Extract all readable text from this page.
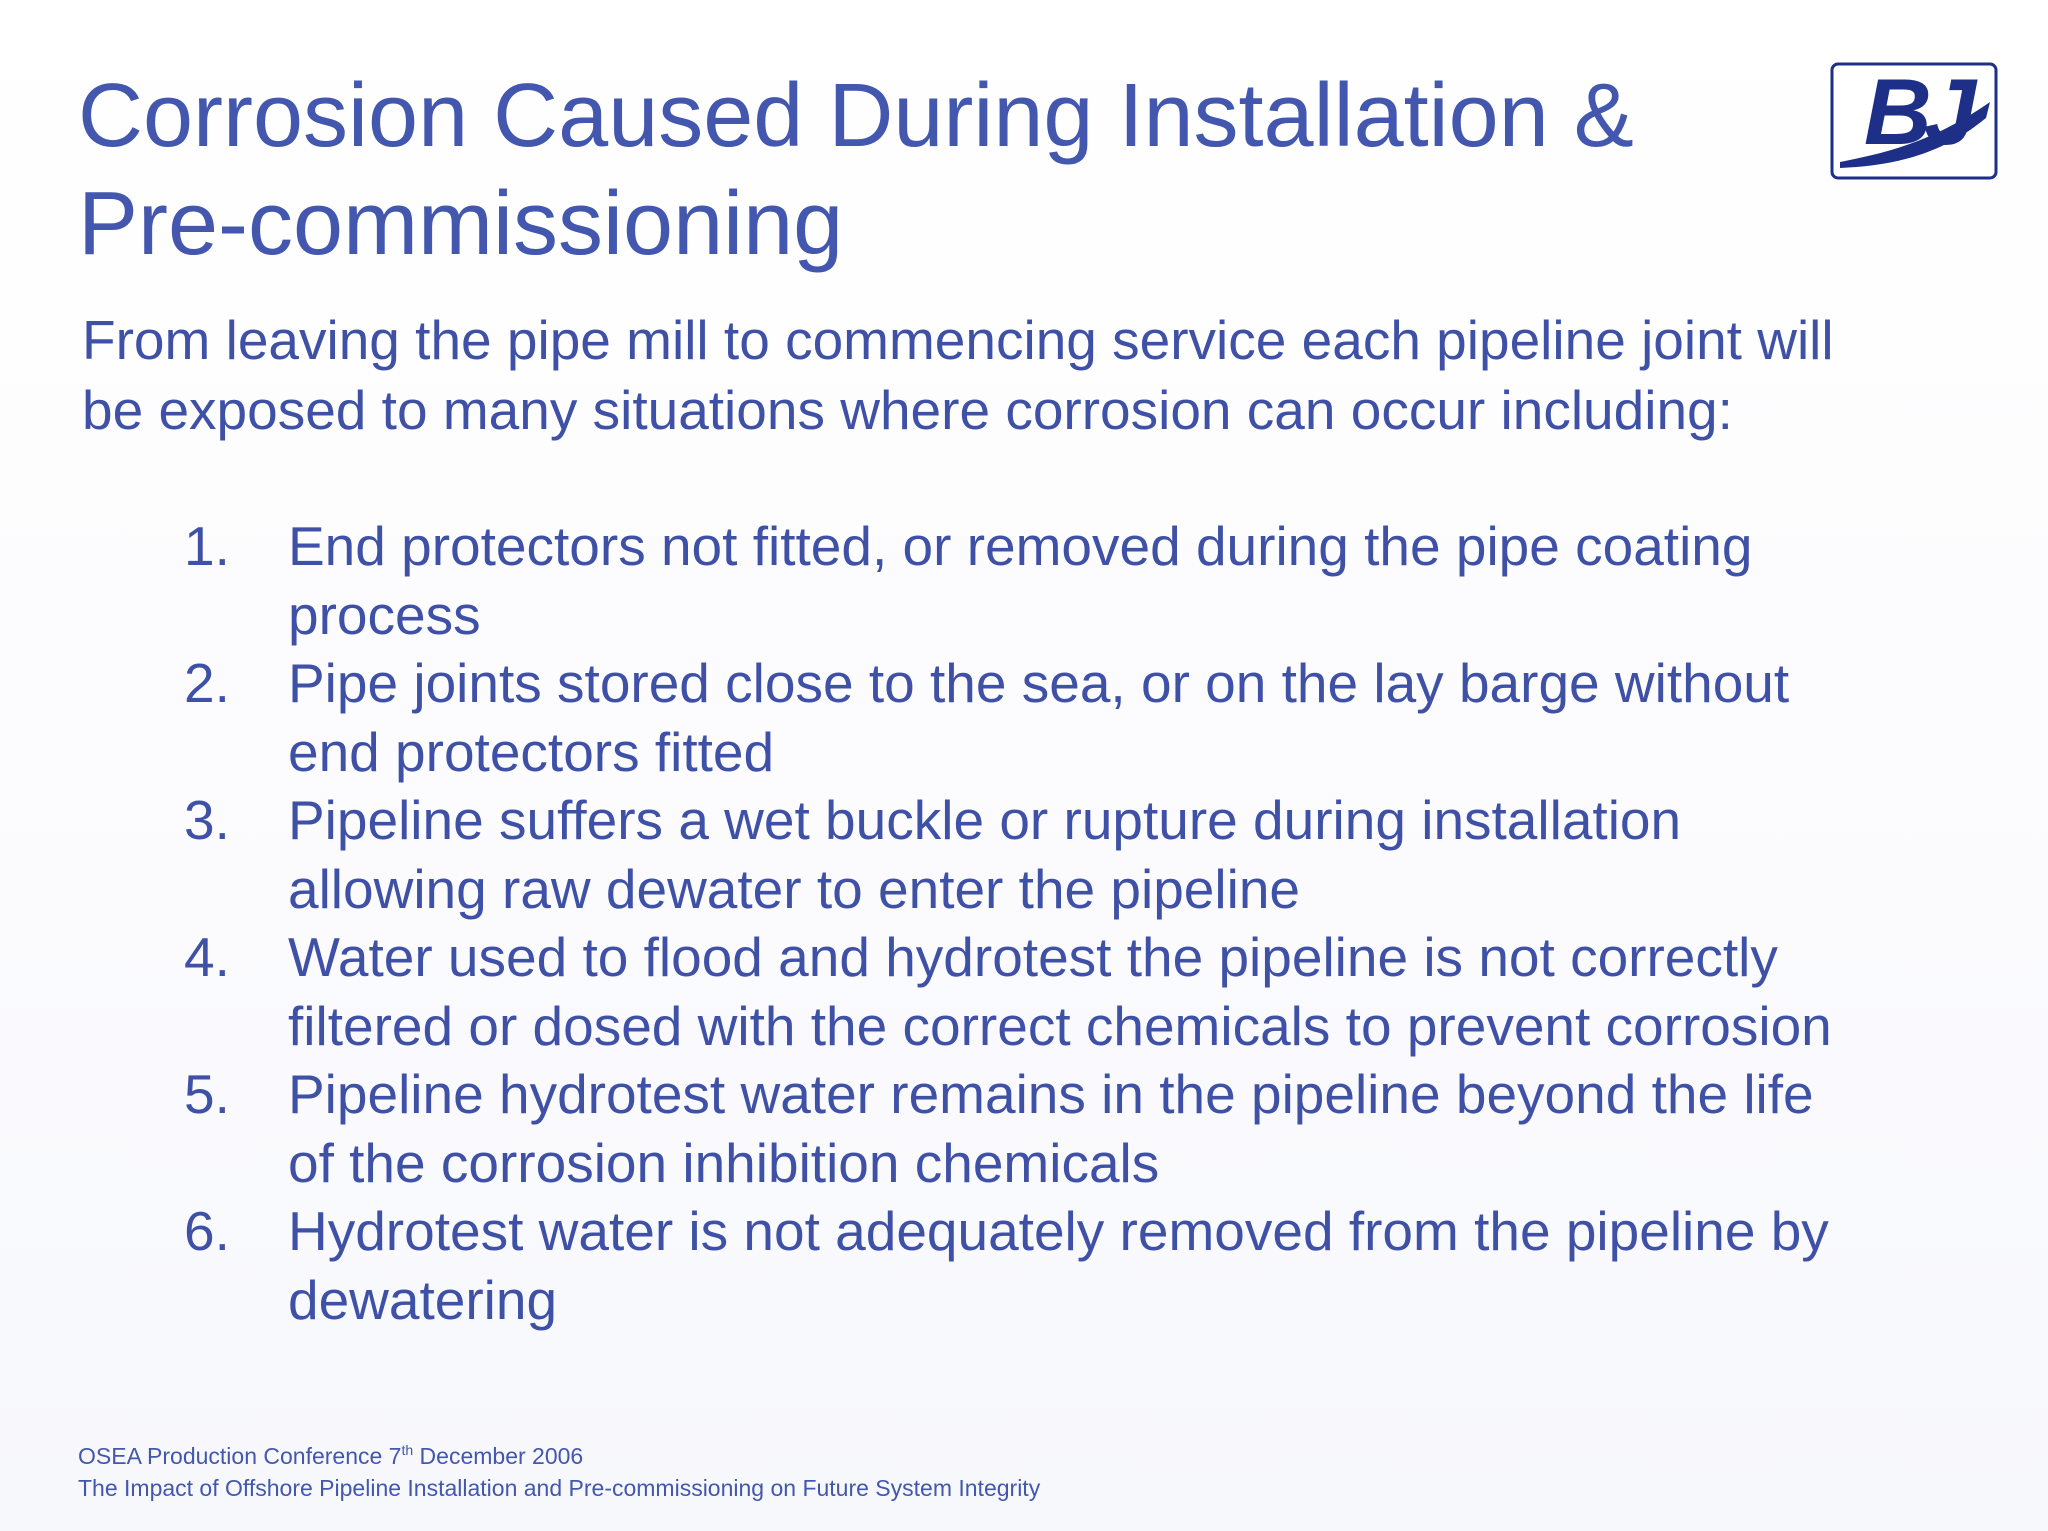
Corrosion Caused During Installation &
Pre-commissioning
BJ

From leaving the pipe mill to commencing service each pipeline joint will
be exposed to many situations where corrosion can occur including:

1. End protectors not fitted, or removed during the pipe coating
process
2. Pipe joints stored close to the sea, or on the lay barge without
end protectors fitted
3. Pipeline suffers a wet buckle or rupture during installation
allowing raw dewater to enter the pipeline
4. Water used to flood and hydrotest the pipeline is not correctly
filtered or dosed with the correct chemicals to prevent corrosion
5. Pipeline hydrotest water remains in the pipeline beyond the life
of the corrosion inhibition chemicals
6. Hydrotest water is not adequately removed from the pipeline by
dewatering
OSEA Production Conference 7th December 2006
The Impact of Offshore Pipeline Installation and Pre-commissioning on Future System Integrity
